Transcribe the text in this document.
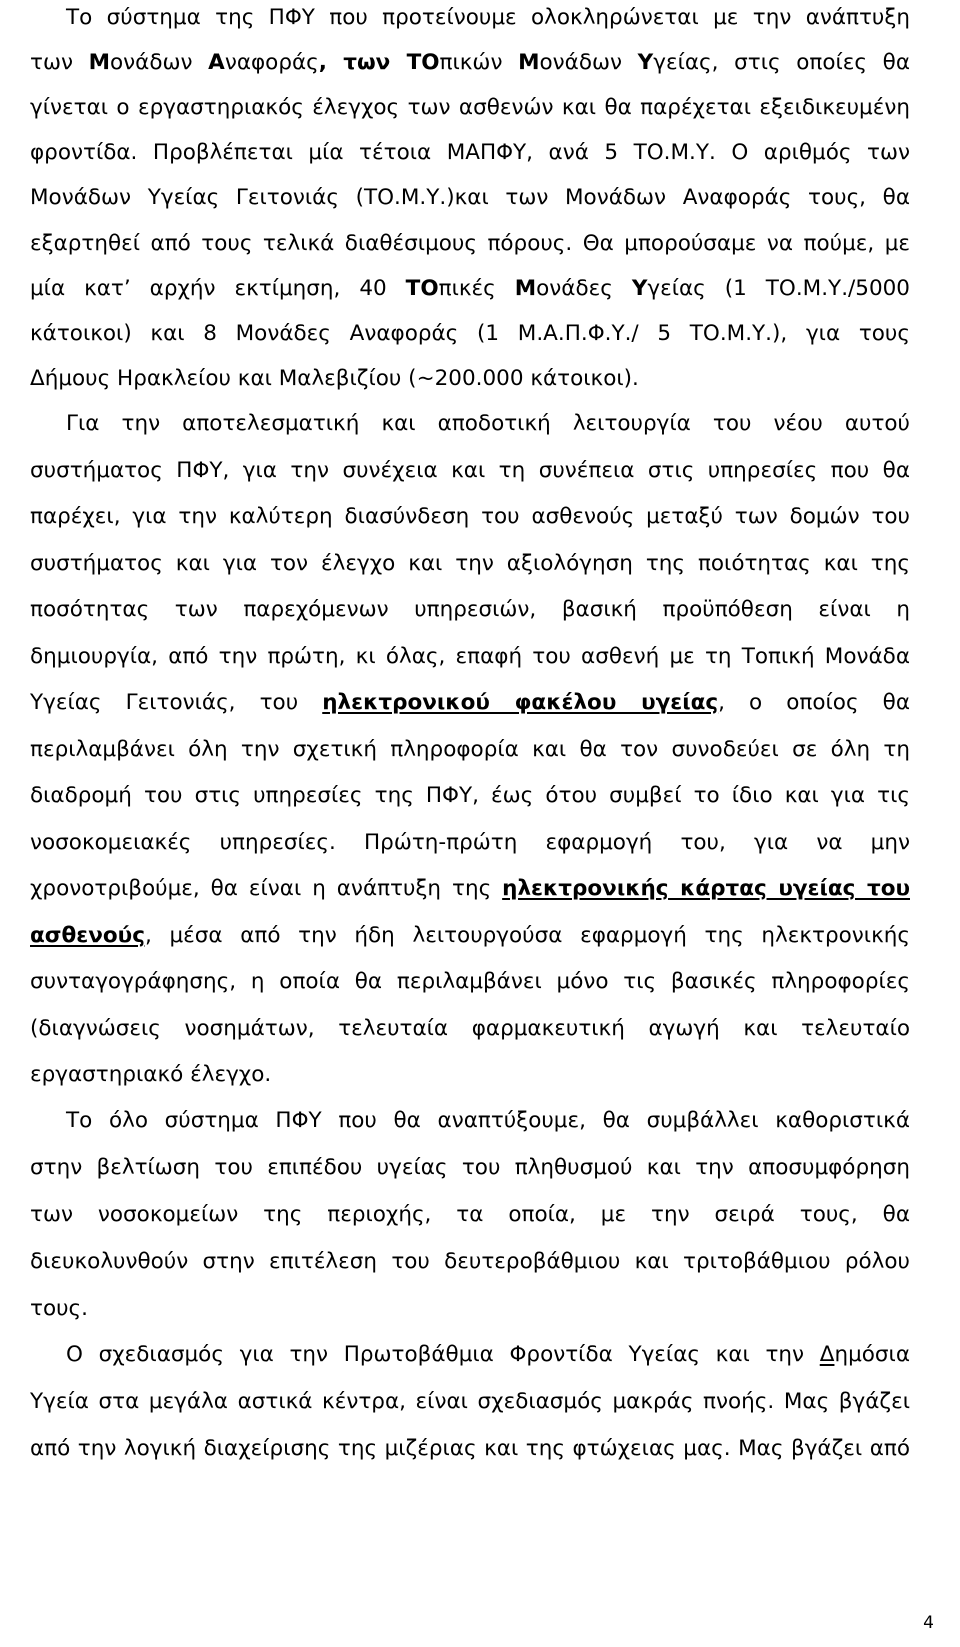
Το σύστημα της ΠΦΥ που προτείνουμε ολοκληρώνεται με την ανάπτυξη
των Μονάδων Αναφοράς, των ΤΟπικών Μονάδων Υγείας, στις οποίες θα
γίνεται ο εργαστηριακός έλεγχος των ασθενών και θα παρέχεται εξειδικευμένη
φροντίδα. Προβλέπεται μία τέτοια ΜΑΠΦΥ, ανά 5 ΤΟ.Μ.Υ. Ο αριθμός των
Μονάδων Υγείας Γειτονιάς (ΤΟ.Μ.Υ.)και των Μονάδων Αναφοράς τους, θα
εξαρτηθεί από τους τελικά διαθέσιμους πόρους. Θα μπορούσαμε να πούμε, με
μία κατ’ αρχήν εκτίμηση, 40 ΤΟπικές Μονάδες Υγείας (1 ΤΟ.Μ.Υ./5000
κάτοικοι) και 8 Μονάδες Αναφοράς (1 Μ.Α.Π.Φ.Υ./ 5 ΤΟ.Μ.Υ.), για τους
Δήμους Ηρακλείου και Μαλεβιζίου (~200.000 κάτοικοι).
Για την αποτελεσματική και αποδοτική λειτουργία του νέου αυτού
συστήματος ΠΦΥ, για την συνέχεια και τη συνέπεια στις υπηρεσίες που θα
παρέχει, για την καλύτερη διασύνδεση του ασθενούς μεταξύ των δομών του
συστήματος και για τον έλεγχο και την αξιολόγηση της ποιότητας και της
ποσότητας των παρεχόμενων υπηρεσιών, βασική προϋπόθεση είναι η
δημιουργία, από την πρώτη, κι όλας, επαφή του ασθενή με τη Τοπική Μονάδα
Υγείας Γειτονιάς, του ηλεκτρονικού φακέλου υγείας, ο οποίος θα
περιλαμβάνει όλη την σχετική πληροφορία και θα τον συνοδεύει σε όλη τη
διαδρομή του στις υπηρεσίες της ΠΦΥ, έως ότου συμβεί το ίδιο και για τις
νοσοκομειακές υπηρεσίες. Πρώτη-πρώτη εφαρμογή του, για να μην
χρονοτριβούμε, θα είναι η ανάπτυξη της ηλεκτρονικής κάρτας υγείας του
ασθενούς, μέσα από την ήδη λειτουργούσα εφαρμογή της ηλεκτρονικής
συνταγογράφησης, η οποία θα περιλαμβάνει μόνο τις βασικές πληροφορίες
(διαγνώσεις νοσημάτων, τελευταία φαρμακευτική αγωγή και τελευταίο
εργαστηριακό έλεγχο.
Το όλο σύστημα ΠΦΥ που θα αναπτύξουμε, θα συμβάλλει καθοριστικά
στην βελτίωση του επιπέδου υγείας του πληθυσμού και την αποσυμφόρηση
των νοσοκομείων της περιοχής, τα οποία, με την σειρά τους, θα
διευκολυνθούν στην επιτέλεση του δευτεροβάθμιου και τριτοβάθμιου ρόλου
τους.
Ο σχεδιασμός για την Πρωτοβάθμια Φροντίδα Υγείας και την Δημόσια
Υγεία στα μεγάλα αστικά κέντρα, είναι σχεδιασμός μακράς πνοής. Μας βγάζει
από την λογική διαχείρισης της μιζέριας και της φτώχειας μας. Μας βγάζει από
4
